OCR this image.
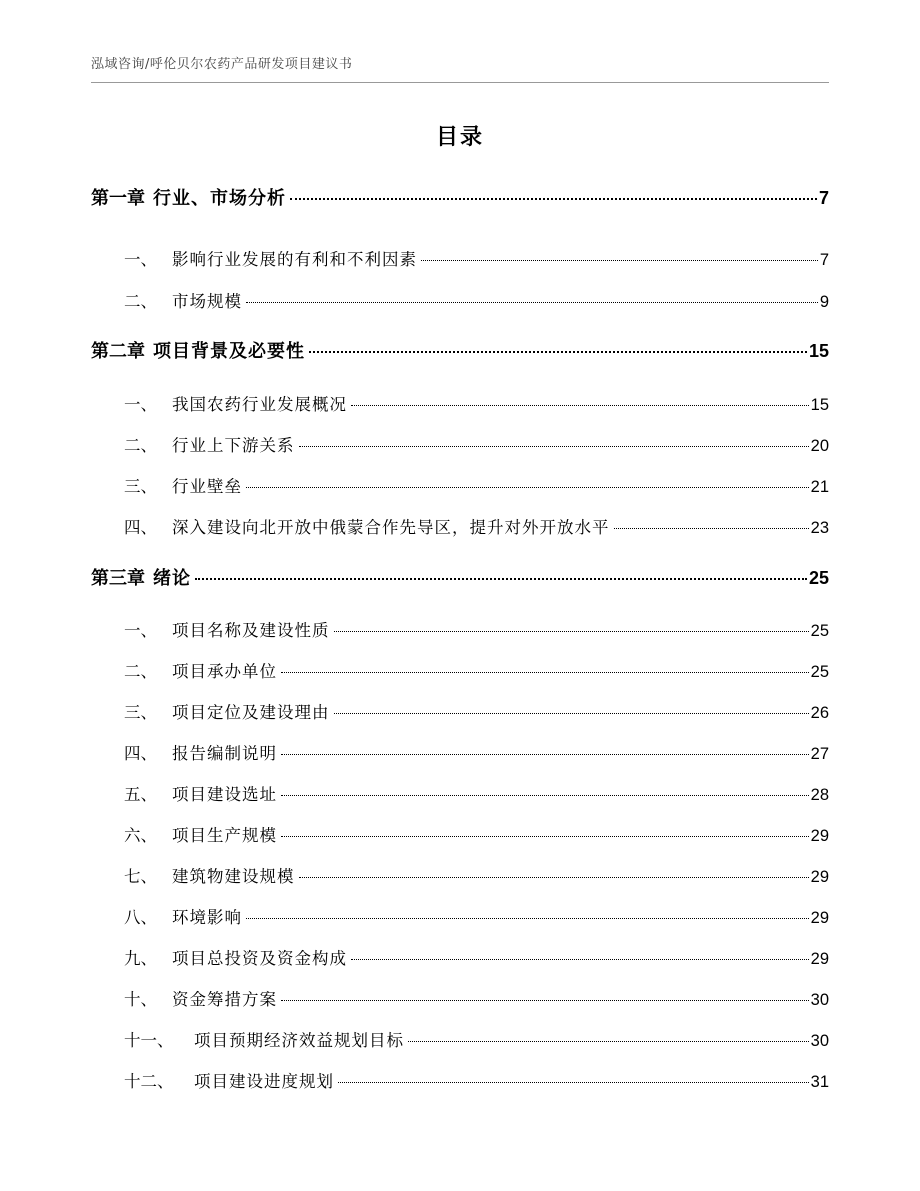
泓域咨询/呼伦贝尔农药产品研发项目建议书
目录
第一章 行业、市场分析	7
一、 影响行业发展的有利和不利因素	7
二、 市场规模	9
第二章 项目背景及必要性	15
一、 我国农药行业发展概况	15
二、 行业上下游关系	20
三、 行业壁垒	21
四、 深入建设向北开放中俄蒙合作先导区，提升对外开放水平	23
第三章 绪论	25
一、 项目名称及建设性质	25
二、 项目承办单位	25
三、 项目定位及建设理由	26
四、 报告编制说明	27
五、 项目建设选址	28
六、 项目生产规模	29
七、 建筑物建设规模	29
八、 环境影响	29
九、 项目总投资及资金构成	29
十、 资金筹措方案	30
十一、	项目预期经济效益规划目标	30
十二、	项目建设进度规划	31
